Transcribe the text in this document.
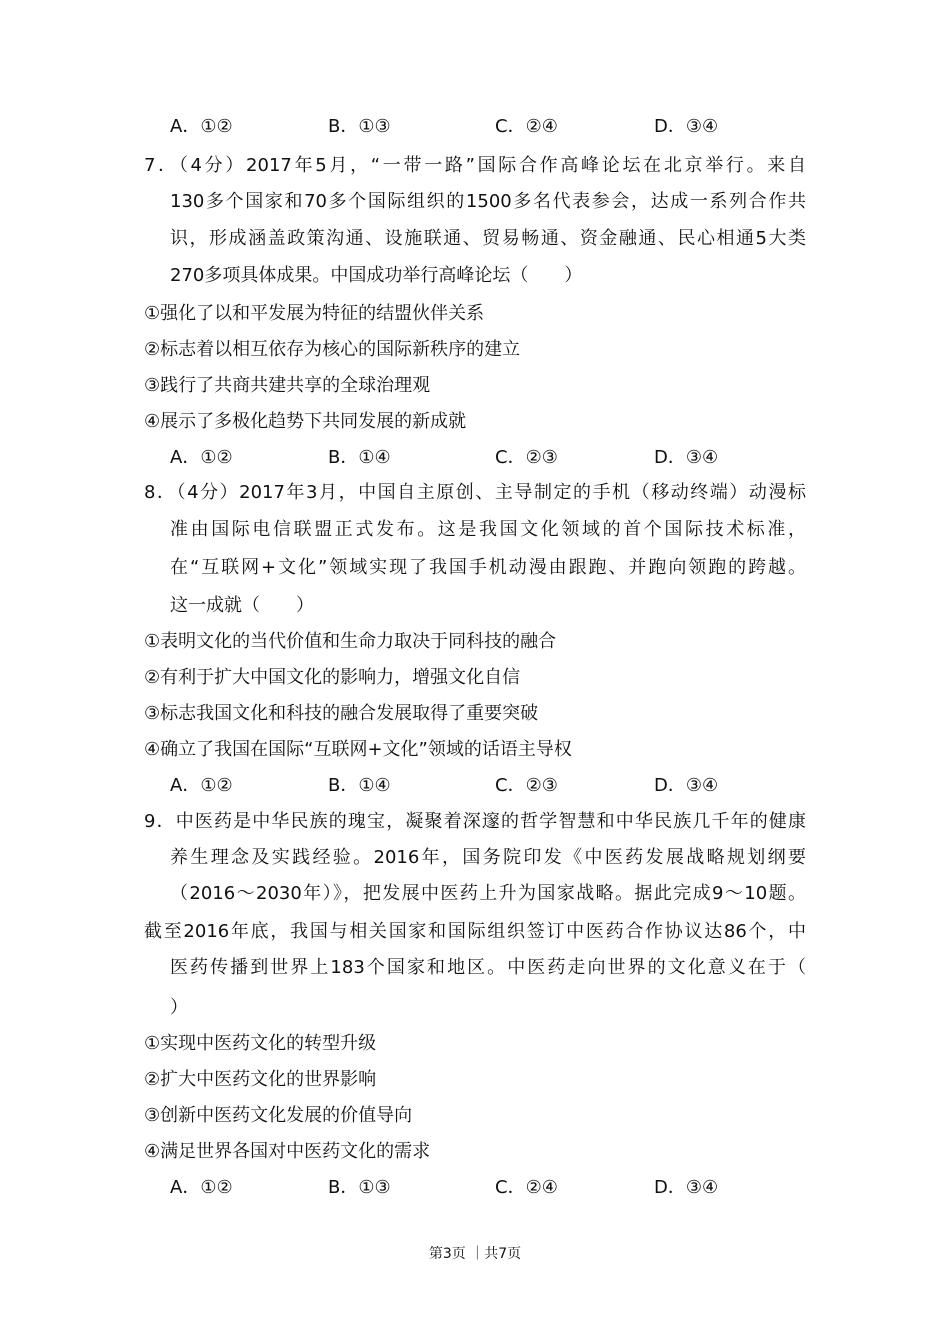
A．①②	B．①③	C．②④	D．③④
7．（4分）2017年5月，“一带一路”国际合作高峰论坛在北京举行。来自
130多个国家和70多个国际组织的1500多名代表参会，达成一系列合作共
识，形成涵盖政策沟通、设施联通、贸易畅通、资金融通、民心相通5大类
270多项具体成果。中国成功举行高峰论坛（　　）
①强化了以和平发展为特征的结盟伙伴关系
②标志着以相互依存为核心的国际新秩序的建立
③践行了共商共建共享的全球治理观
④展示了多极化趋势下共同发展的新成就
A．①②	B．①④	C．②③	D．③④
8．（4分）2017年3月，中国自主原创、主导制定的手机（移动终端）动漫标
准由国际电信联盟正式发布。这是我国文化领域的首个国际技术标准，
在“互联网+文化”领域实现了我国手机动漫由跟跑、并跑向领跑的跨越。
这一成就（　　）
①表明文化的当代价值和生命力取决于同科技的融合
②有利于扩大中国文化的影响力，增强文化自信
③标志我国文化和科技的融合发展取得了重要突破
④确立了我国在国际“互联网+文化”领域的话语主导权
A．①②	B．①④	C．②③	D．③④
9．中医药是中华民族的瑰宝，凝聚着深邃的哲学智慧和中华民族几千年的健康
养生理念及实践经验。2016年，国务院印发《中医药发展战略规划纲要
（2016～2030年）》，把发展中医药上升为国家战略。据此完成9～10题。
截至2016年底，我国与相关国家和国际组织签订中医药合作协议达86个，中
医药传播到世界上183个国家和地区。中医药走向世界的文化意义在于（
）
①实现中医药文化的转型升级
②扩大中医药文化的世界影响
③创新中医药文化发展的价值导向
④满足世界各国对中医药文化的需求
A．①②	B．①③	C．②④	D．③④
第3页 ｜共7页
